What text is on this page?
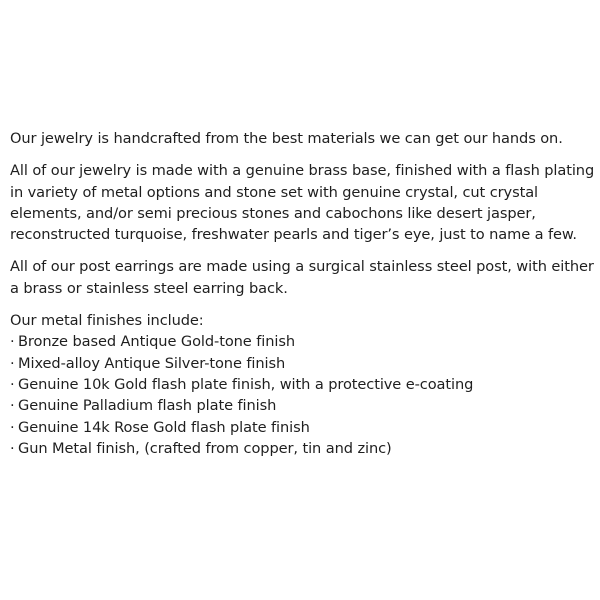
Our jewelry is handcrafted from the best materials we can get our hands on.

All of our jewelry is made with a genuine brass base, finished with a flash plating in variety of metal options and stone set with genuine crystal, cut crystal elements, and/or semi precious stones and cabochons like desert jasper, reconstructed turquoise, freshwater pearls and tiger’s eye, just to name a few.

All of our post earrings are made using a surgical stainless steel post, with either a brass or stainless steel earring back.

Our metal finishes include:
· Bronze based Antique Gold-tone finish
· Mixed-alloy Antique Silver-tone finish
· Genuine 10k Gold flash plate finish, with a protective e-coating
· Genuine Palladium flash plate finish
· Genuine 14k Rose Gold flash plate finish
· Gun Metal finish, (crafted from copper, tin and zinc)
